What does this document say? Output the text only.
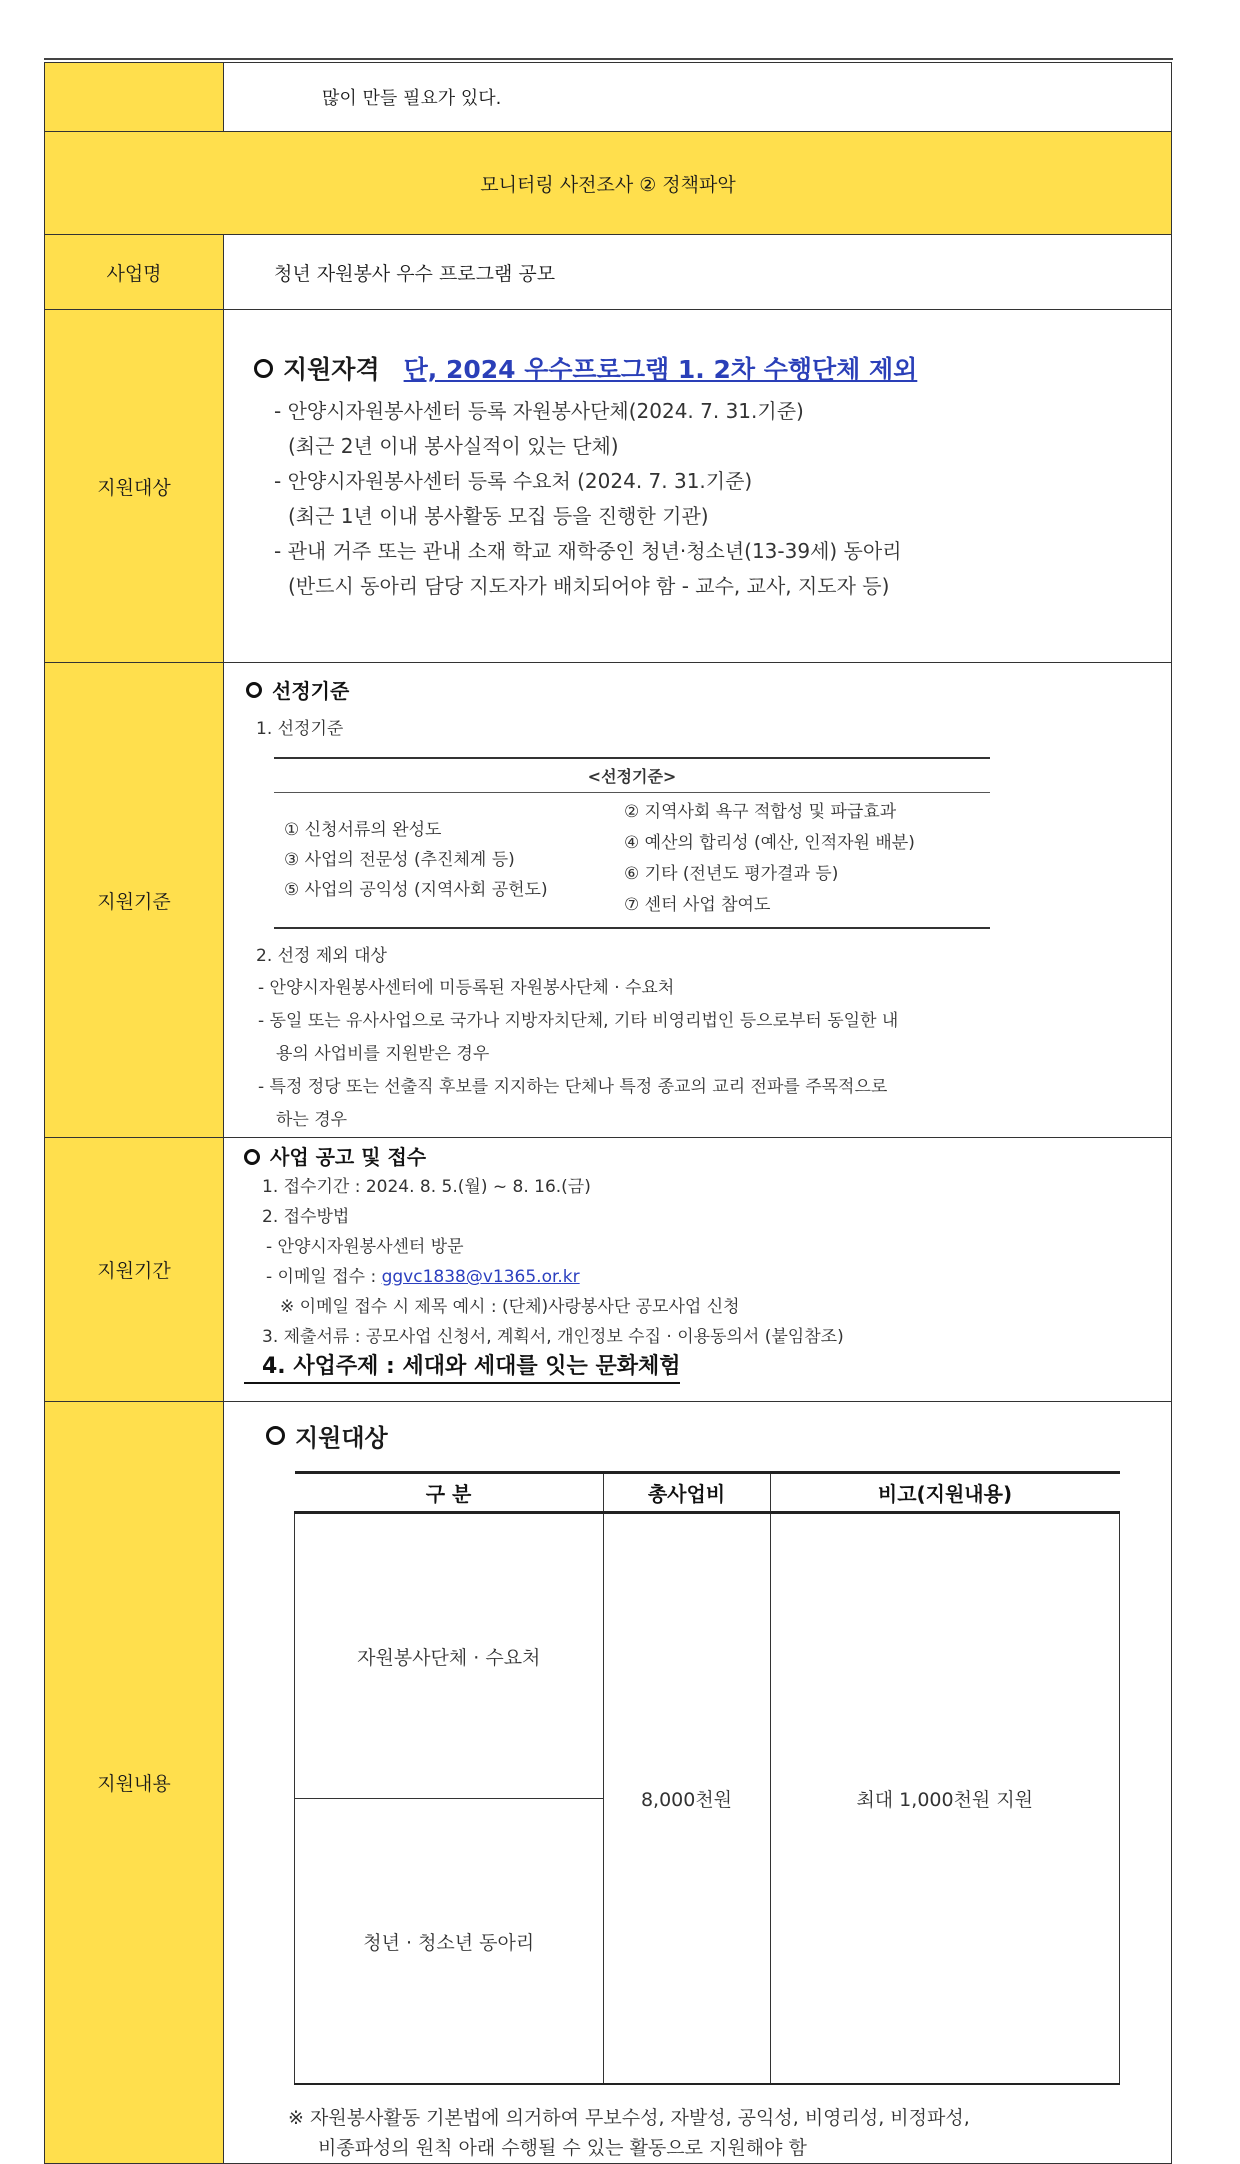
많이 만들 필요가 있다.

모니터링 사전조사 ② 정책파악
사업명	청년 자원봉사 우수 프로그램 공모

지원대상	
지원자격 단, 2024 우수프로그램 1. 2차 수행단체 제외
- 안양시자원봉사센터 등록 자원봉사단체(2024. 7. 31.기준)
(최근 2년 이내 봉사실적이 있는 단체)
- 안양시자원봉사센터 등록 수요처 (2024. 7. 31.기준)
(최근 1년 이내 봉사활동 모집 등을 진행한 기관)
- 관내 거주 또는 관내 소재 학교 재학중인 청년·청소년(13-39세) 동아리
(반드시 동아리 담당 지도자가 배치되어야 함 - 교수, 교사, 지도자 등)

지원기준	
선정기준
1. 선정기준
<선정기준>
① 신청서류의 완성도
③ 사업의 전문성 (추진체계 등)
⑤ 사업의 공익성 (지역사회 공헌도)
② 지역사회 욕구 적합성 및 파급효과
④ 예산의 합리성 (예산, 인적자원 배분)
⑥ 기타 (전년도 평가결과 등)
⑦ 센터 사업 참여도
2. 선정 제외 대상
- 안양시자원봉사센터에 미등록된 자원봉사단체 · 수요처
- 동일 또는 유사사업으로 국가나 지방자치단체, 기타 비영리법인 등으로부터 동일한 내
용의 사업비를 지원받은 경우
- 특정 정당 또는 선출직 후보를 지지하는 단체나 특정 종교의 교리 전파를 주목적으로
하는 경우

지원기간	
사업 공고 및 접수
1. 접수기간 : 2024. 8. 5.(월) ~ 8. 16.(금)
2. 접수방법
- 안양시자원봉사센터 방문
- 이메일 접수 : ggvc1838@v1365.or.kr
※ 이메일 접수 시 제목 예시 : (단체)사랑봉사단 공모사업 신청
3. 제출서류 : 공모사업 신청서, 계획서, 개인정보 수집 · 이용동의서 (붙임참조)
4. 사업주제 : 세대와 세대를 잇는 문화체험

지원내용	
지원대상
구 분	총사업비	비고(지원내용)
자원봉사단체 · 수요처	8,000천원	최대 1,000천원 지원
청년 · 청소년 동아리
※ 자원봉사활동 기본법에 의거하여 무보수성, 자발성, 공익성, 비영리성, 비정파성,
비종파성의 원칙 아래 수행될 수 있는 활동으로 지원해야 함
